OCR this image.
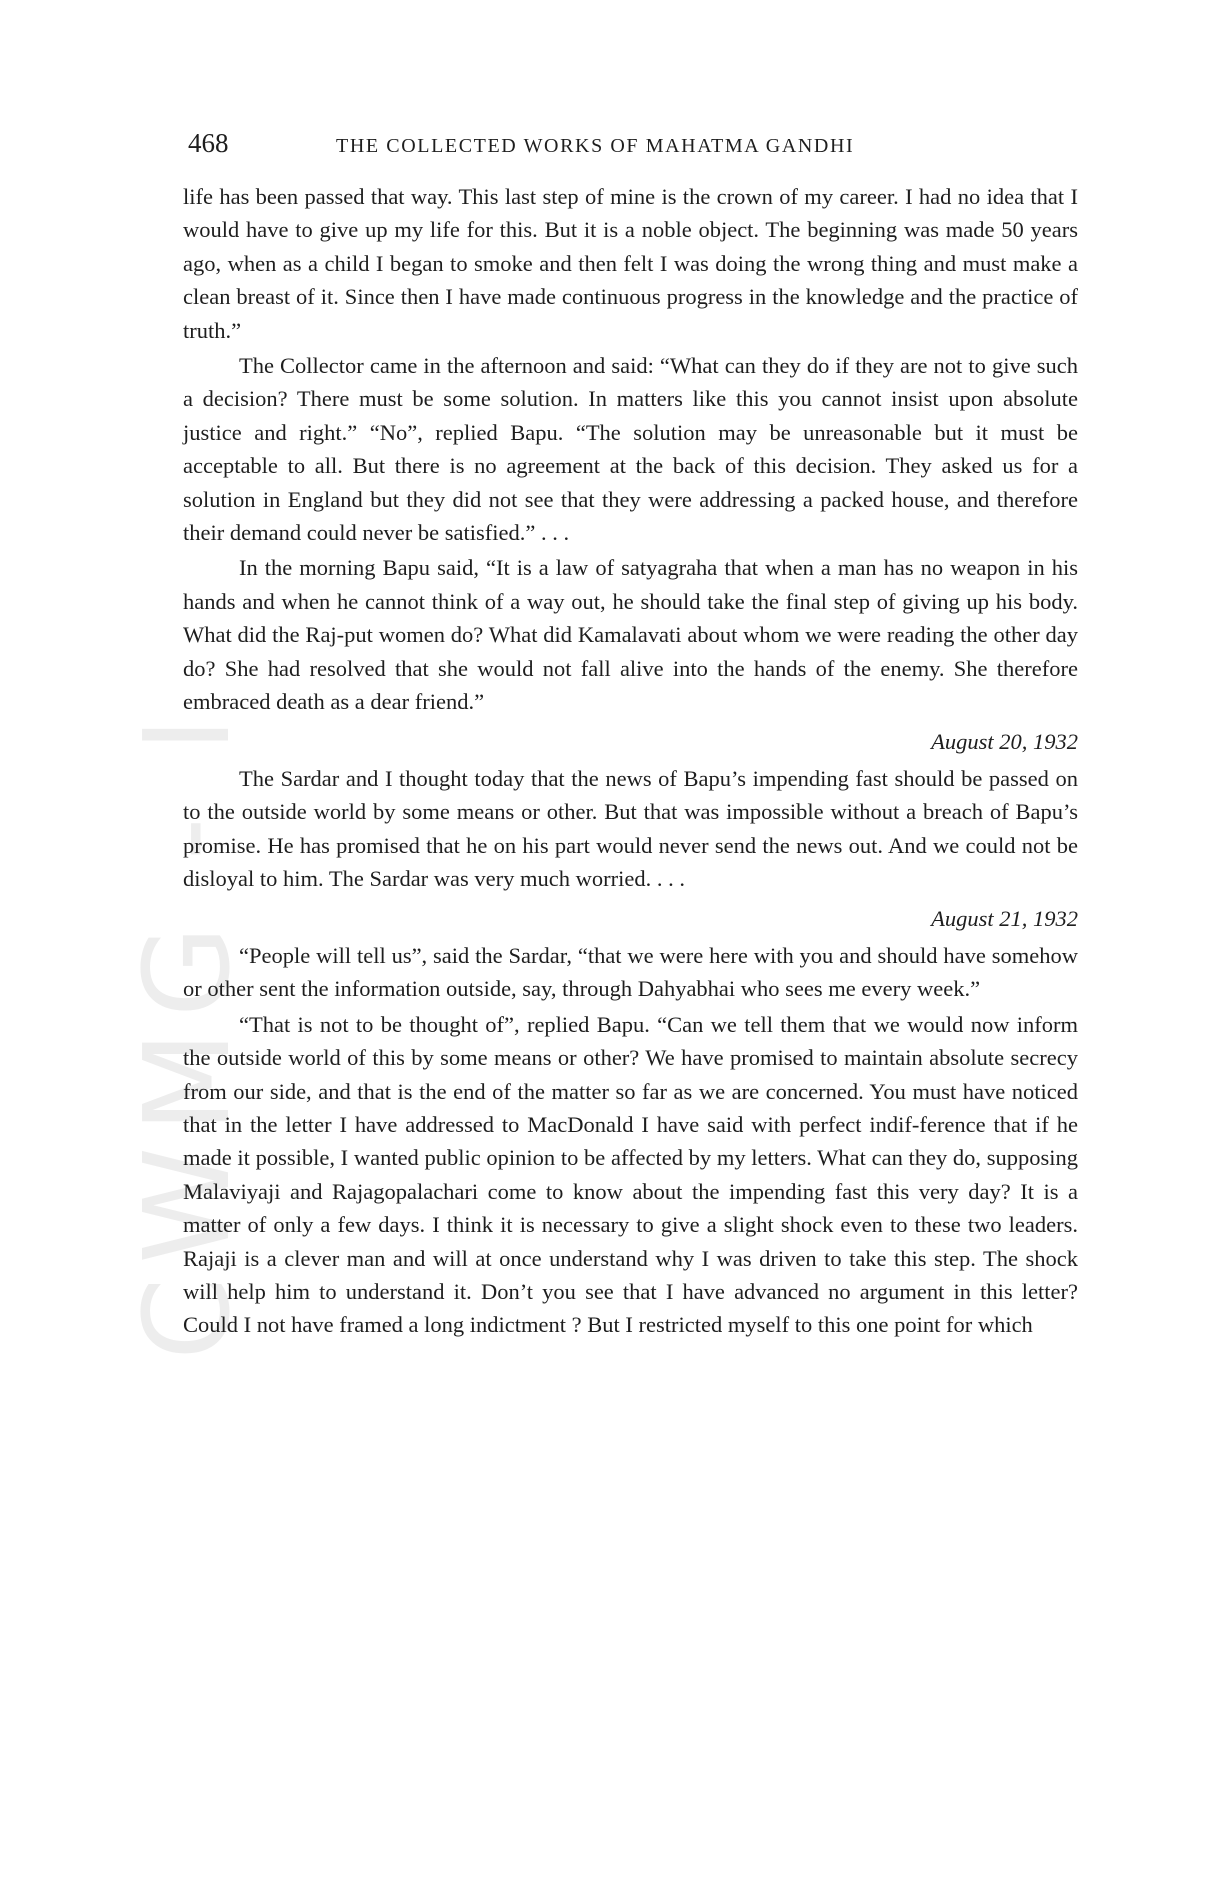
CWMG - I
468	THE COLLECTED WORKS OF MAHATMA GANDHI

life has been passed that way. This last step of mine is the crown of my career. I had no idea that I would have to give up my life for this. But it is a noble object. The beginning was made 50 years ago, when as a child I began to smoke and then felt I was doing the wrong thing and must make a clean breast of it. Since then I have made continuous progress in the knowledge and the practice of truth.”

The Collector came in the afternoon and said: “What can they do if they are not to give such a decision? There must be some solution. In matters like this you cannot insist upon absolute justice and right.” “No”, replied Bapu. “The solution may be unreasonable but it must be acceptable to all. But there is no agreement at the back of this decision. They asked us for a solution in England but they did not see that they were addressing a packed house, and therefore their demand could never be satisfied.” . . .

In the morning Bapu said, “It is a law of satyagraha that when a man has no weapon in his hands and when he cannot think of a way out, he should take the final step of giving up his body. What did the Raj-put women do? What did Kamalavati about whom we were reading the other day do? She had resolved that she would not fall alive into the hands of the enemy. She therefore embraced death as a dear friend.”

August 20, 1932

The Sardar and I thought today that the news of Bapu’s impending fast should be passed on to the outside world by some means or other. But that was impossible without a breach of Bapu’s promise. He has promised that he on his part would never send the news out. And we could not be disloyal to him. The Sardar was very much worried. . . .

August 21, 1932

“People will tell us”, said the Sardar, “that we were here with you and should have somehow or other sent the information outside, say, through Dahyabhai who sees me every week.”

“That is not to be thought of”, replied Bapu. “Can we tell them that we would now inform the outside world of this by some means or other? We have promised to maintain absolute secrecy from our side, and that is the end of the matter so far as we are concerned. You must have noticed that in the letter I have addressed to MacDonald I have said with perfect indif-ference that if he made it possible, I wanted public opinion to be affected by my letters. What can they do, supposing Malaviyaji and Rajagopalachari come to know about the impending fast this very day? It is a matter of only a few days. I think it is necessary to give a slight shock even to these two leaders. Rajaji is a clever man and will at once understand why I was driven to take this step. The shock will help him to understand it. Don’t you see that I have advanced no argument in this letter? Could I not have framed a long indictment ? But I restricted myself to this one point for which
